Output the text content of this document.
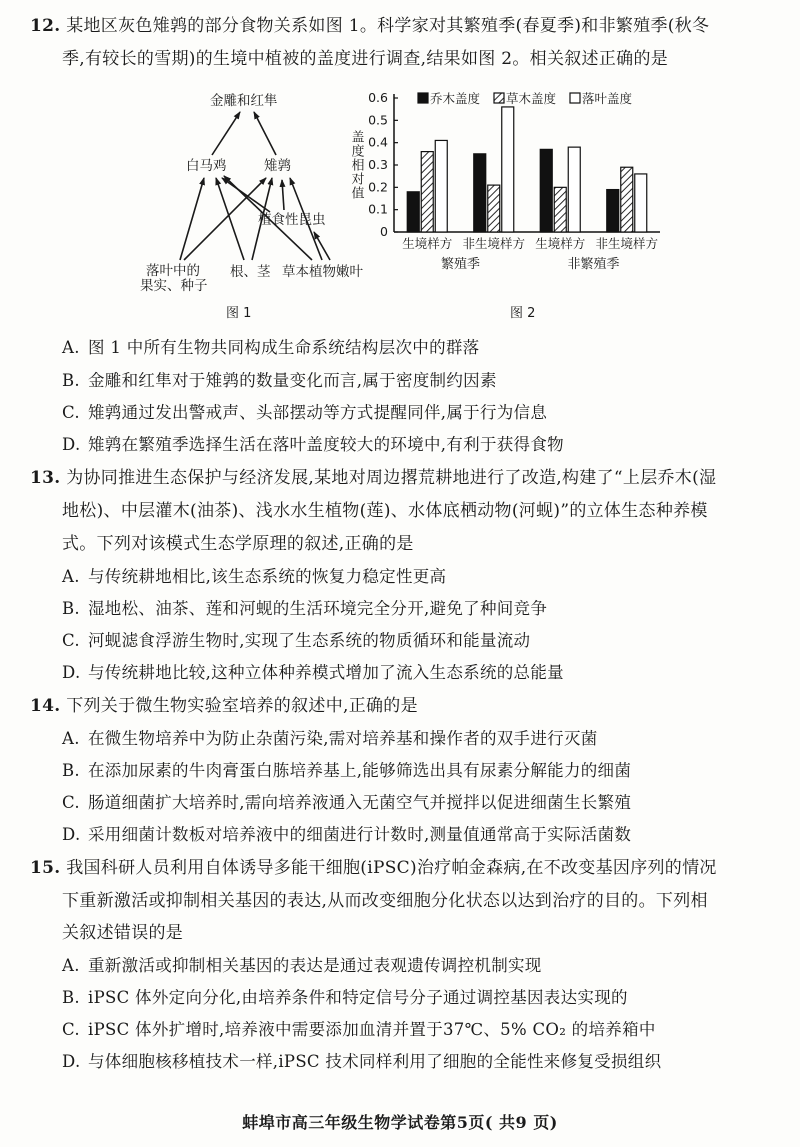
12. 某地区灰色雉鹑的部分食物关系如图 1。科学家对其繁殖季(春夏季)和非繁殖季(秋冬
季,有较长的雪期)的生境中植被的盖度进行调查,结果如图 2。相关叙述正确的是
金雕和红隼
白马鸡	雉鹑
植食性昆虫
落叶中的
果实、种子
根、茎 草本植物嫩叶
图 1
0
0.1
0.2
0.3
0.4
0.5
0.6
盖度相对值
生境样方 非生境样方 生境样方 非生境样方
繁殖季	非繁殖季
乔木盖度 草木盖度 落叶盖度
图 2
A. 图 1 中所有生物共同构成生命系统结构层次中的群落
B. 金雕和红隼对于雉鹑的数量变化而言,属于密度制约因素
C. 雉鹑通过发出警戒声、头部摆动等方式提醒同伴,属于行为信息
D. 雉鹑在繁殖季选择生活在落叶盖度较大的环境中,有利于获得食物
13. 为协同推进生态保护与经济发展,某地对周边撂荒耕地进行了改造,构建了“上层乔木(湿
地松)、中层灌木(油茶)、浅水水生植物(莲)、水体底栖动物(河蚬)”的立体生态种养模
式。下列对该模式生态学原理的叙述,正确的是
A. 与传统耕地相比,该生态系统的恢复力稳定性更高
B. 湿地松、油茶、莲和河蚬的生活环境完全分开,避免了种间竞争
C. 河蚬滤食浮游生物时,实现了生态系统的物质循环和能量流动
D. 与传统耕地比较,这种立体种养模式增加了流入生态系统的总能量
14. 下列关于微生物实验室培养的叙述中,正确的是
A. 在微生物培养中为防止杂菌污染,需对培养基和操作者的双手进行灭菌
B. 在添加尿素的牛肉膏蛋白胨培养基上,能够筛选出具有尿素分解能力的细菌
C. 肠道细菌扩大培养时,需向培养液通入无菌空气并搅拌以促进细菌生长繁殖
D. 采用细菌计数板对培养液中的细菌进行计数时,测量值通常高于实际活菌数
15. 我国科研人员利用自体诱导多能干细胞(iPSC)治疗帕金森病,在不改变基因序列的情况
下重新激活或抑制相关基因的表达,从而改变细胞分化状态以达到治疗的目的。下列相
关叙述错误的是
A. 重新激活或抑制相关基因的表达是通过表观遗传调控机制实现
B. iPSC 体外定向分化,由培养条件和特定信号分子通过调控基因表达实现的
C. iPSC 体外扩增时,培养液中需要添加血清并置于37℃、5% CO₂ 的培养箱中
D. 与体细胞核移植技术一样,iPSC 技术同样利用了细胞的全能性来修复受损组织
蚌埠市高三年级生物学试卷第5页( 共9 页)
